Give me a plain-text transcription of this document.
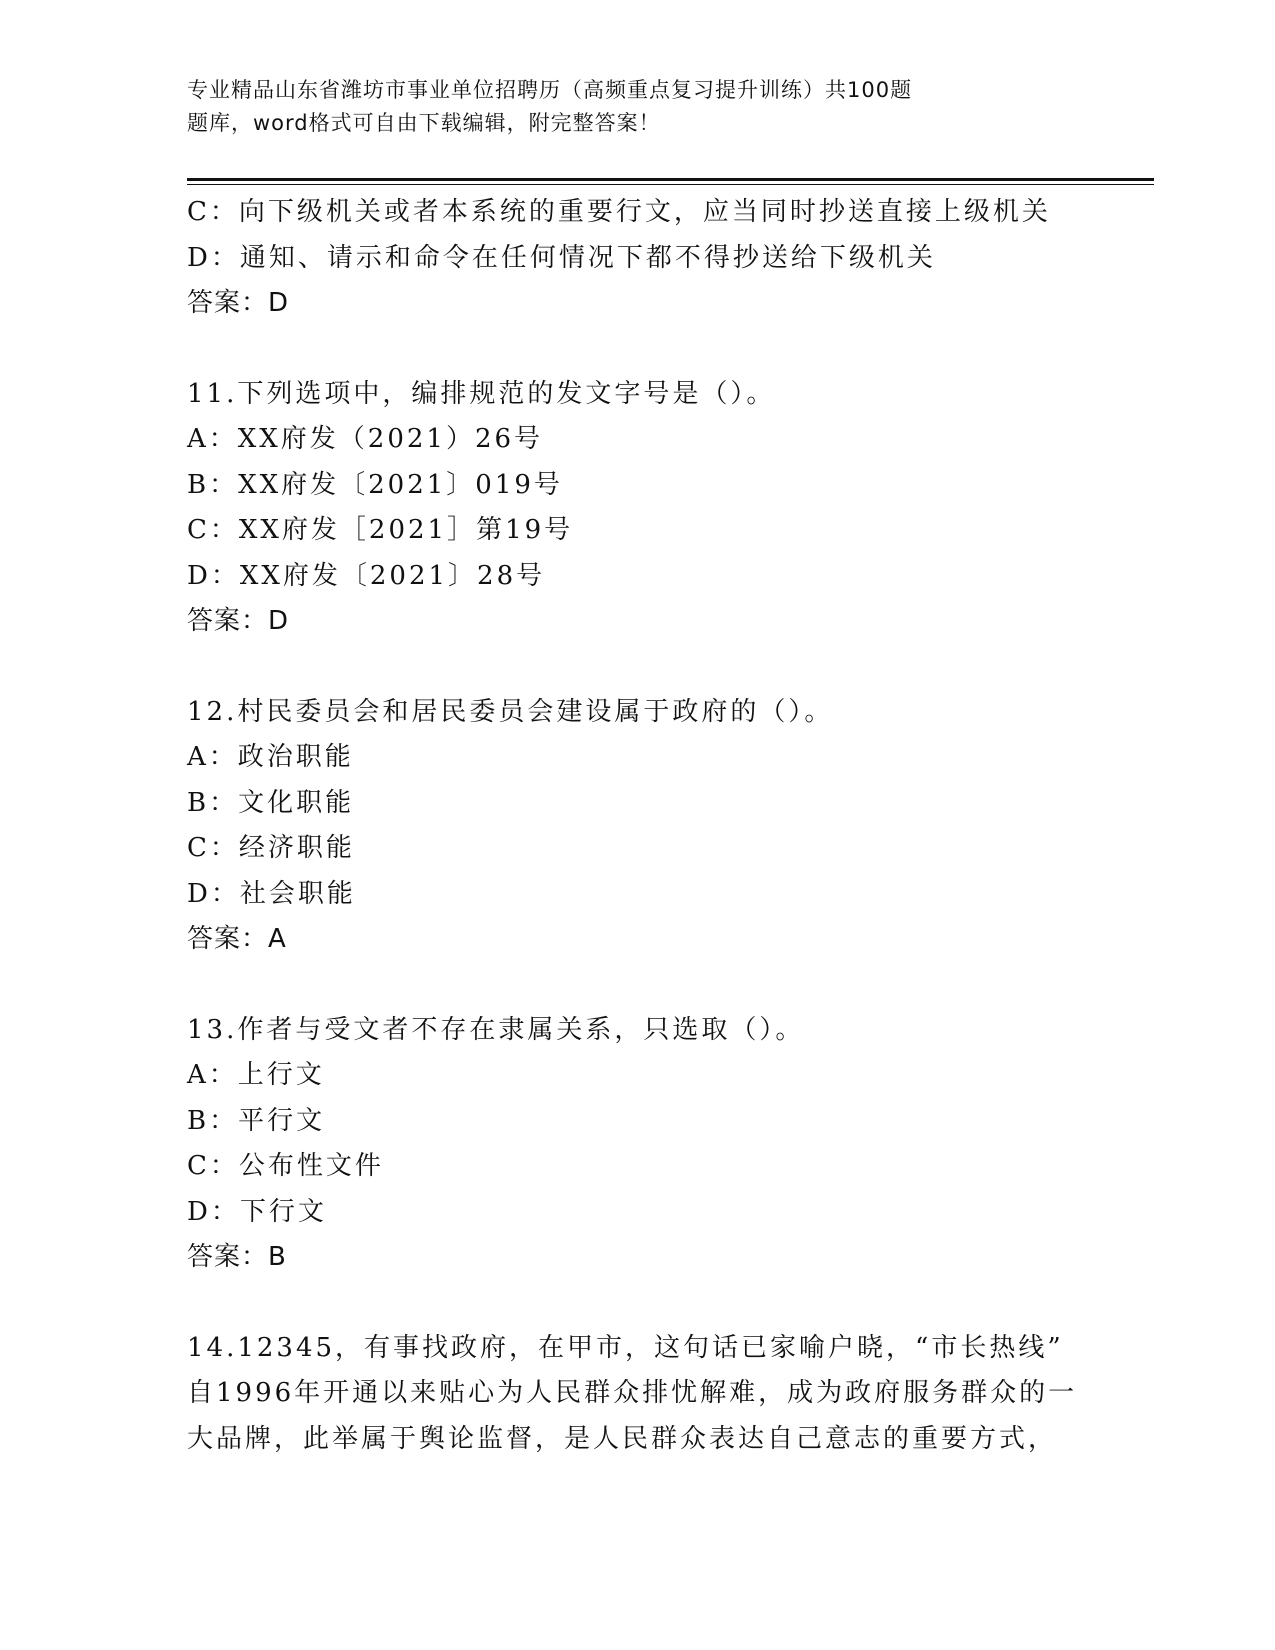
专业精品山东省潍坊市事业单位招聘历（高频重点复习提升训练）共100题
题库，word格式可自由下载编辑，附完整答案！
C：向下级机关或者本系统的重要行文，应当同时抄送直接上级机关
D：通知、请示和命令在任何情况下都不得抄送给下级机关
答案：D
11.下列选项中，编排规范的发文字号是（）。
A：XX府发（2021）26号
B：XX府发〔2021〕019号
C：XX府发［2021］第19号
D：XX府发〔2021〕28号
答案：D
12.村民委员会和居民委员会建设属于政府的（）。
A：政治职能
B：文化职能
C：经济职能
D：社会职能
答案：A
13.作者与受文者不存在隶属关系，只选取（）。
A：上行文
B：平行文
C：公布性文件
D：下行文
答案：B
14.12345，有事找政府，在甲市，这句话已家喻户晓，“市长热线”
自1996年开通以来贴心为人民群众排忧解难，成为政府服务群众的一
大品牌，此举属于舆论监督，是人民群众表达自己意志的重要方式，
